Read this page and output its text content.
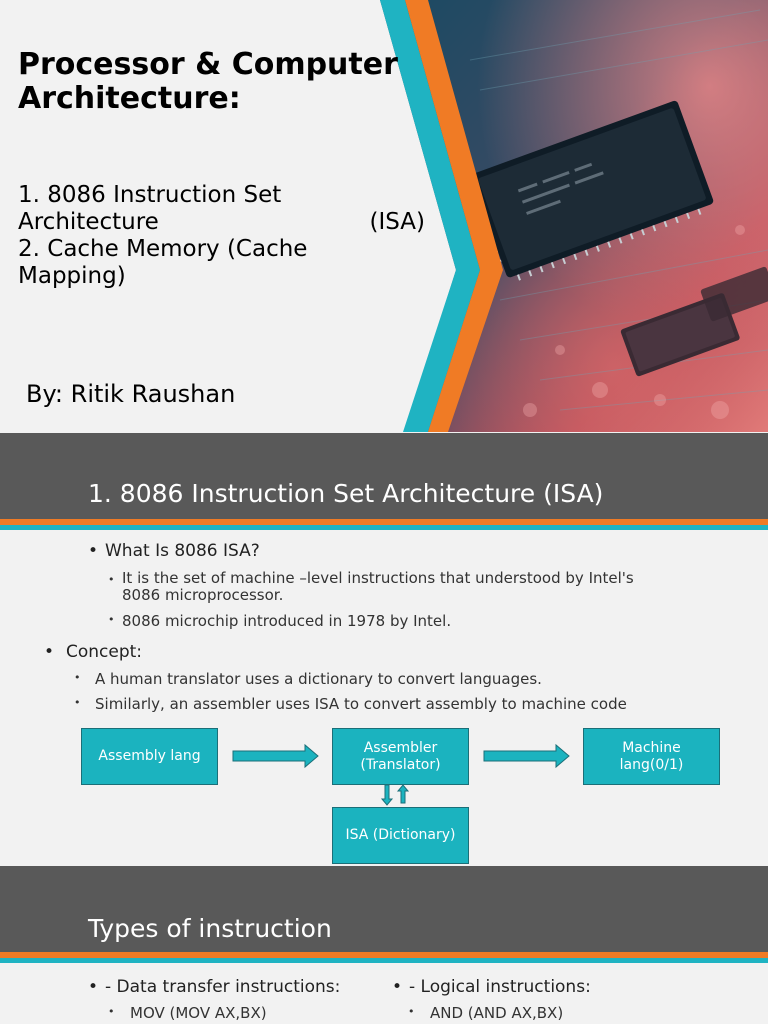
Processor & Computer
Architecture:
1. 8086 Instruction Set
Architecture	(ISA)
2. Cache Memory (Cache
Mapping)
By: Ritik Raushan
1. 8086 Instruction Set Architecture (ISA)
• What Is 8086 ISA?
• It is the set of machine –level instructions that understood by Intel's
8086 microprocessor.
• 8086 microchip introduced in 1978 by Intel.
• Concept:
• A human translator uses a dictionary to convert languages.
• Similarly, an assembler uses ISA to convert assembly to machine code
Assembly lang
Assembler
(Translator)
Machine
lang(0/1)
ISA (Dictionary)
Types of instruction
• - Data transfer instructions:
• MOV (MOV AX,BX)
• - Logical instructions:
• AND (AND AX,BX)
